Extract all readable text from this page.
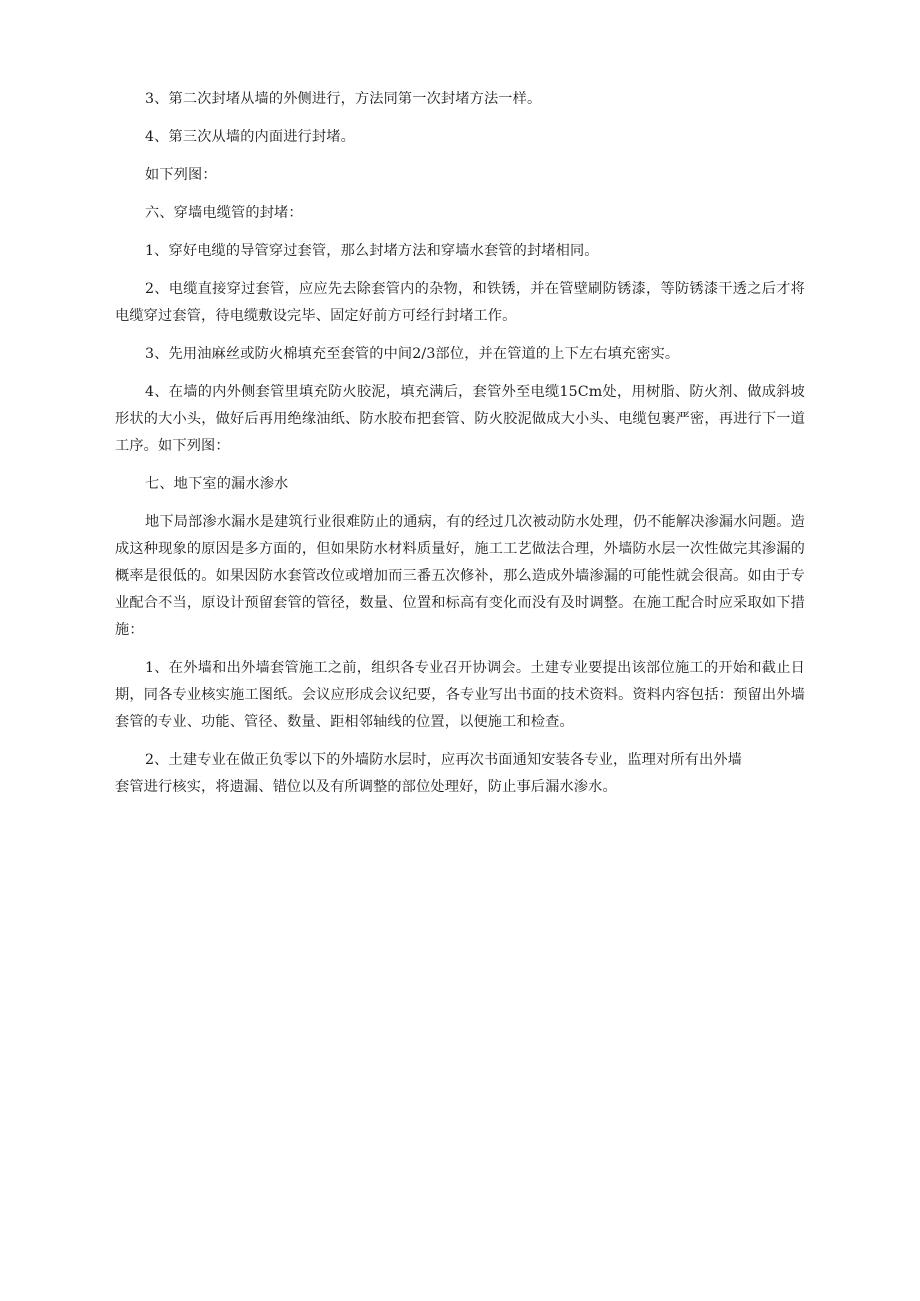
3、第二次封堵从墙的外侧进行，方法同第一次封堵方法一样。

4、第三次从墙的内面进行封堵。

如下列图：

六、穿墙电缆管的封堵：

1、穿好电缆的导管穿过套管，那么封堵方法和穿墙水套管的封堵相同。

2、电缆直接穿过套管，应应先去除套管内的杂物，和铁锈，并在管壁刷防锈漆，等防锈漆干透之后才将电缆穿过套管，待电缆敷设完毕、固定好前方可经行封堵工作。

3、先用油麻丝或防火棉填充至套管的中间2/3部位，并在管道的上下左右填充密实。

4、在墙的内外侧套管里填充防火胶泥，填充满后，套管外至电缆15Cm处，用树脂、防火剂、做成斜坡形状的大小头，做好后再用绝缘油纸、防水胶布把套管、防火胶泥做成大小头、电缆包裹严密，再进行下一道工序。如下列图：

七、地下室的漏水渗水

地下局部渗水漏水是建筑行业很难防止的通病，有的经过几次被动防水处理，仍不能解决渗漏水问题。造成这种现象的原因是多方面的，但如果防水材料质量好，施工工艺做法合理，外墙防水层一次性做完其渗漏的概率是很低的。如果因防水套管改位或增加而三番五次修补，那么造成外墙渗漏的可能性就会很高。如由于专业配合不当，原设计预留套管的管径，数量、位置和标高有变化而没有及时调整。在施工配合时应采取如下措施：

1、在外墙和出外墙套管施工之前，组织各专业召开协调会。土建专业要提出该部位施工的开始和截止日期，同各专业核实施工图纸。会议应形成会议纪要，各专业写出书面的技术资料。资料内容包括：预留出外墙套管的专业、功能、管径、数量、距相邻轴线的位置，以便施工和检查。

2、土建专业在做正负零以下的外墙防水层时，应再次书面通知安装各专业，监理对所有出外墙

套管进行核实，将遗漏、错位以及有所调整的部位处理好，防止事后漏水渗水。
